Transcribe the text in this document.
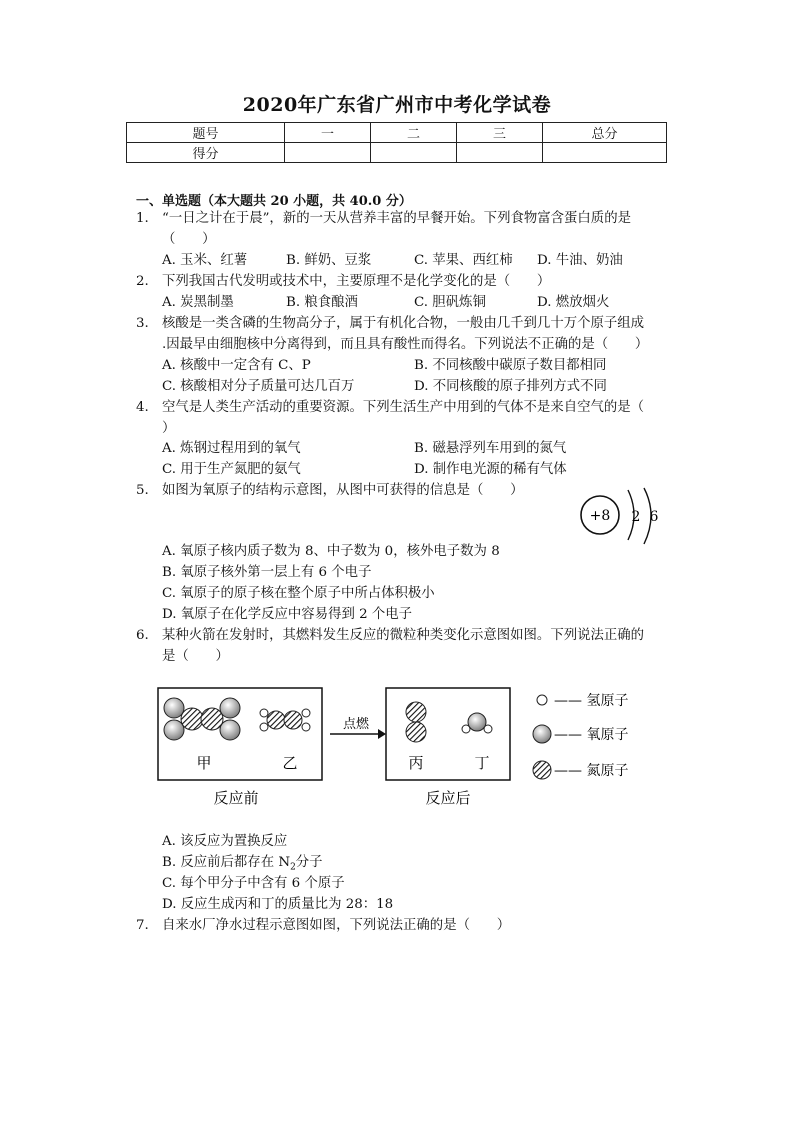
2020年广东省广州市中考化学试卷
题号	一	二	三	总分
得分				
一、单选题（本大题共 20 小题，共 40.0 分）
1. “一日之计在于晨”，新的一天从营养丰富的早餐开始。下列食物富含蛋白质的是
（　　）
A. 玉米、红薯	B. 鲜奶、豆浆	C. 苹果、西红柿 D. 牛油、奶油
2. 下列我国古代发明或技术中，主要原理不是化学变化的是（　　）
A. 炭黑制墨	B. 粮食酿酒	C. 胆矾炼铜	D. 燃放烟火
3. 核酸是一类含磷的生物高分子，属于有机化合物，一般由几千到几十万个原子组成
.因最早由细胞核中分离得到，而且具有酸性而得名。下列说法不正确的是（　　）
A. 核酸中一定含有 C、P	B. 不同核酸中碳原子数目都相同
C. 核酸相对分子质量可达几百万	D. 不同核酸的原子排列方式不同
4. 空气是人类生产活动的重要资源。下列生活生产中用到的气体不是来自空气的是（
）
A. 炼钢过程用到的氧气	B. 磁悬浮列车用到的氮气
C. 用于生产氮肥的氨气	D. 制作电光源的稀有气体
5. 如图为氧原子的结构示意图，从图中可获得的信息是（　　）
+8 2 6
A. 氧原子核内质子数为 8、中子数为 0，核外电子数为 8
B. 氧原子核外第一层上有 6 个电子
C. 氧原子的原子核在整个原子中所占体积极小
D. 氧原子在化学反应中容易得到 2 个电子
6. 某种火箭在发射时，其燃料发生反应的微粒种类变化示意图如图。下列说法正确的
是（　　）
甲	乙
反应前
点燃
丙	丁
反应后
—— 氢原子
—— 氧原子
—— 氮原子
A. 该反应为置换反应
B. 反应前后都存在 $N_2$分子
C. 每个甲分子中含有 6 个原子
D. 反应生成丙和丁的质量比为 28：18
7. 自来水厂净水过程示意图如图，下列说法正确的是（　　）
